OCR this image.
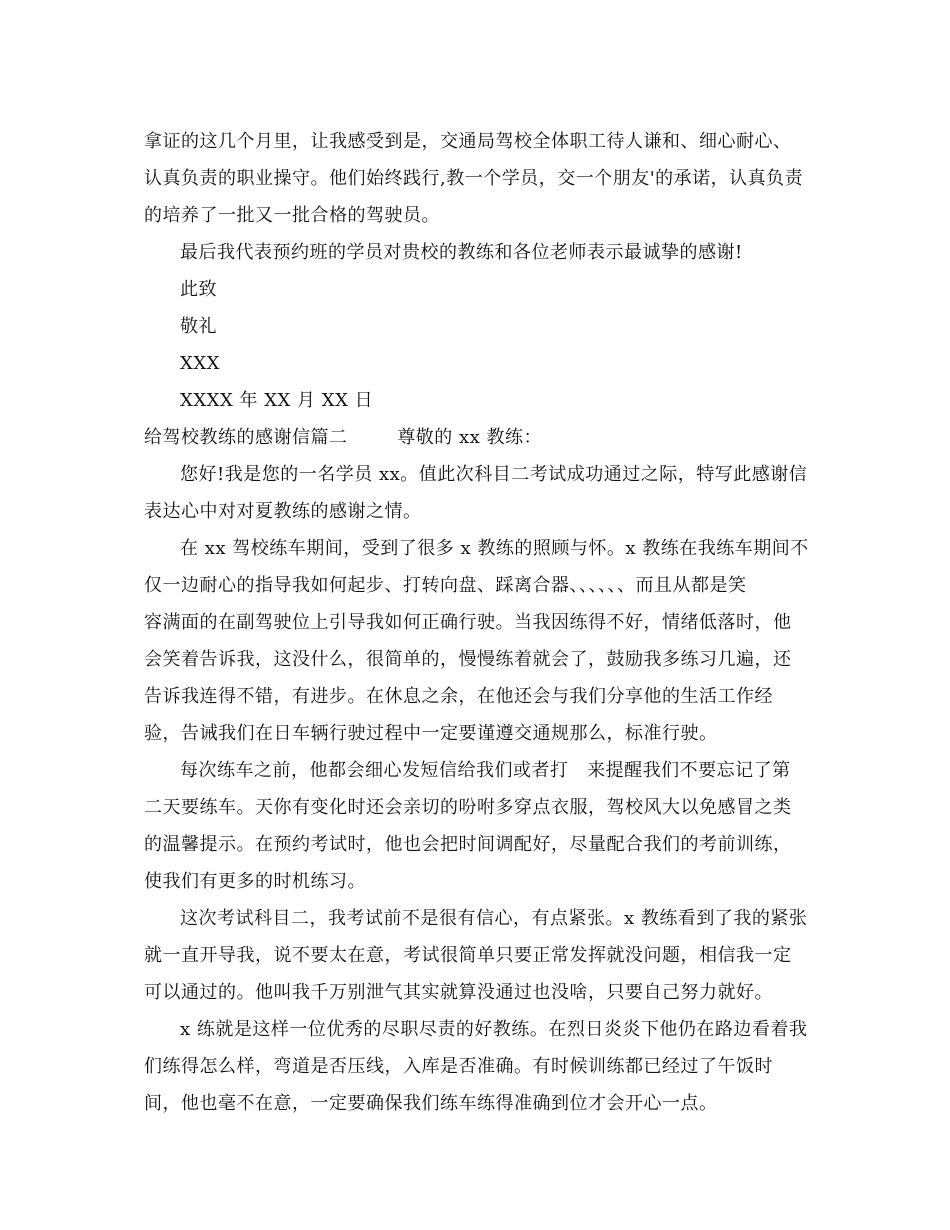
拿证的这几个月里，让我感受到是，交通局驾校全体职工待人谦和、细心耐心、
认真负责的职业操守。他们始终践行,教一个学员，交一个朋友'的承诺，认真负责
的培养了一批又一批合格的驾驶员。
最后我代表预约班的学员对贵校的教练和各位老师表示最诚挚的感谢!
此致
敬礼
XXX
XXXX 年 XX 月 XX 日
给驾校教练的感谢信篇二        尊敬的 xx 教练：
您好!我是您的一名学员 xx。值此次科目二考试成功通过之际，特写此感谢信
表达心中对对夏教练的感谢之情。
在 xx 驾校练车期间，受到了很多 x 教练的照顾与怀。x 教练在我练车期间不
仅一边耐心的指导我如何起步、打转向盘、踩离合器、、、、、、而且从都是笑
容满面的在副驾驶位上引导我如何正确行驶。当我因练得不好，情绪低落时，他
会笑着告诉我，这没什么，很简单的，慢慢练着就会了，鼓励我多练习几遍，还
告诉我连得不错，有进步。在休息之余，在他还会与我们分享他的生活工作经
验，告诫我们在日车辆行驶过程中一定要谨遵交通规那么，标准行驶。
每次练车之前，他都会细心发短信给我们或者打   来提醒我们不要忘记了第
二天要练车。天你有变化时还会亲切的吩咐多穿点衣服，驾校风大以免感冒之类
的温馨提示。在预约考试时，他也会把时间调配好，尽量配合我们的考前训练，
使我们有更多的时机练习。
这次考试科目二，我考试前不是很有信心，有点紧张。x 教练看到了我的紧张
就一直开导我，说不要太在意，考试很简单只要正常发挥就没问题，相信我一定
可以通过的。他叫我千万别泄气其实就算没通过也没啥，只要自己努力就好。
x 练就是这样一位优秀的尽职尽责的好教练。在烈日炎炎下他仍在路边看着我
们练得怎么样，弯道是否压线，入库是否准确。有时候训练都已经过了午饭时
间，他也毫不在意，一定要确保我们练车练得准确到位才会开心一点。
